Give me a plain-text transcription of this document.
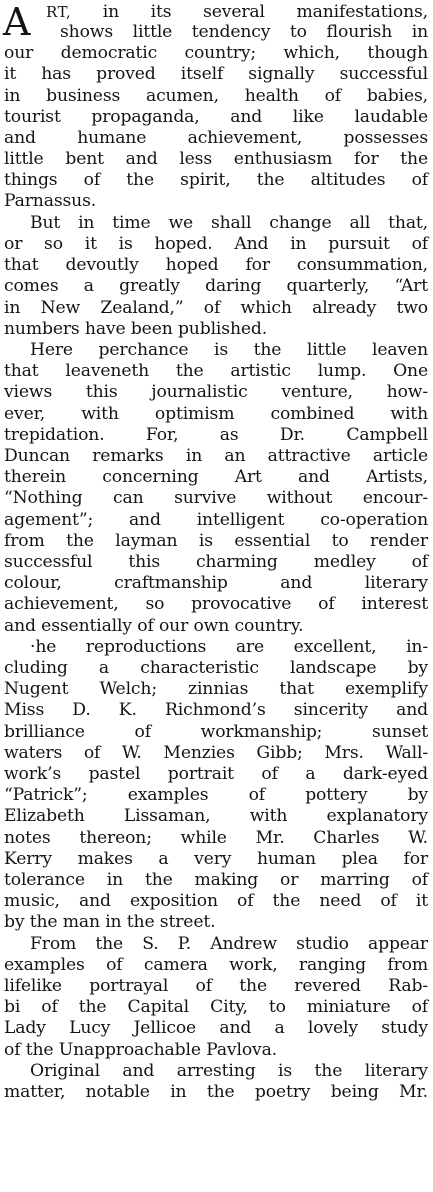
A RT, in its several manifestations,
shows little tendency to flourish in
our democratic country; which, though
it has proved itself signally successful
in business acumen, health of babies,
tourist propaganda, and like laudable
and humane achievement, possesses
little bent and less enthusiasm for the
things of the spirit, the altitudes of
Parnassus.
But in time we shall change all that,
or so it is hoped. And in pursuit of
that devoutly hoped for consummation,
comes a greatly daring quarterly, “Art
in New Zealand,” of which already two
numbers have been published.
Here perchance is the little leaven
that leaveneth the artistic lump. One
views this journalistic venture, how-
ever, with optimism combined with
trepidation. For, as Dr. Campbell
Duncan remarks in an attractive article
therein concerning Art and Artists,
“Nothing can survive without encour-
agement”; and intelligent co-operation
from the layman is essential to render
successful this charming medley of
colour, craftmanship and literary
achievement, so provocative of interest
and essentially of our own country.
·he reproductions are excellent, in-
cluding a characteristic landscape by
Nugent Welch; zinnias that exemplify
Miss D. K. Richmond’s sincerity and
brilliance of workmanship; sunset
waters of W. Menzies Gibb; Mrs. Wall-
work’s pastel portrait of a dark-eyed
“Patrick”; examples of pottery by
Elizabeth Lissaman, with explanatory
notes thereon; while Mr. Charles W.
Kerry makes a very human plea for
tolerance in the making or marring of
music, and exposition of the need of it
by the man in the street.
From the S. P. Andrew studio appear
examples of camera work, ranging from
lifelike portrayal of the revered Rab-
bi of the Capital City, to miniature of
Lady Lucy Jellicoe and a lovely study
of the Unapproachable Pavlova.
Original and arresting is the literary
matter, notable in the poetry being Mr.
